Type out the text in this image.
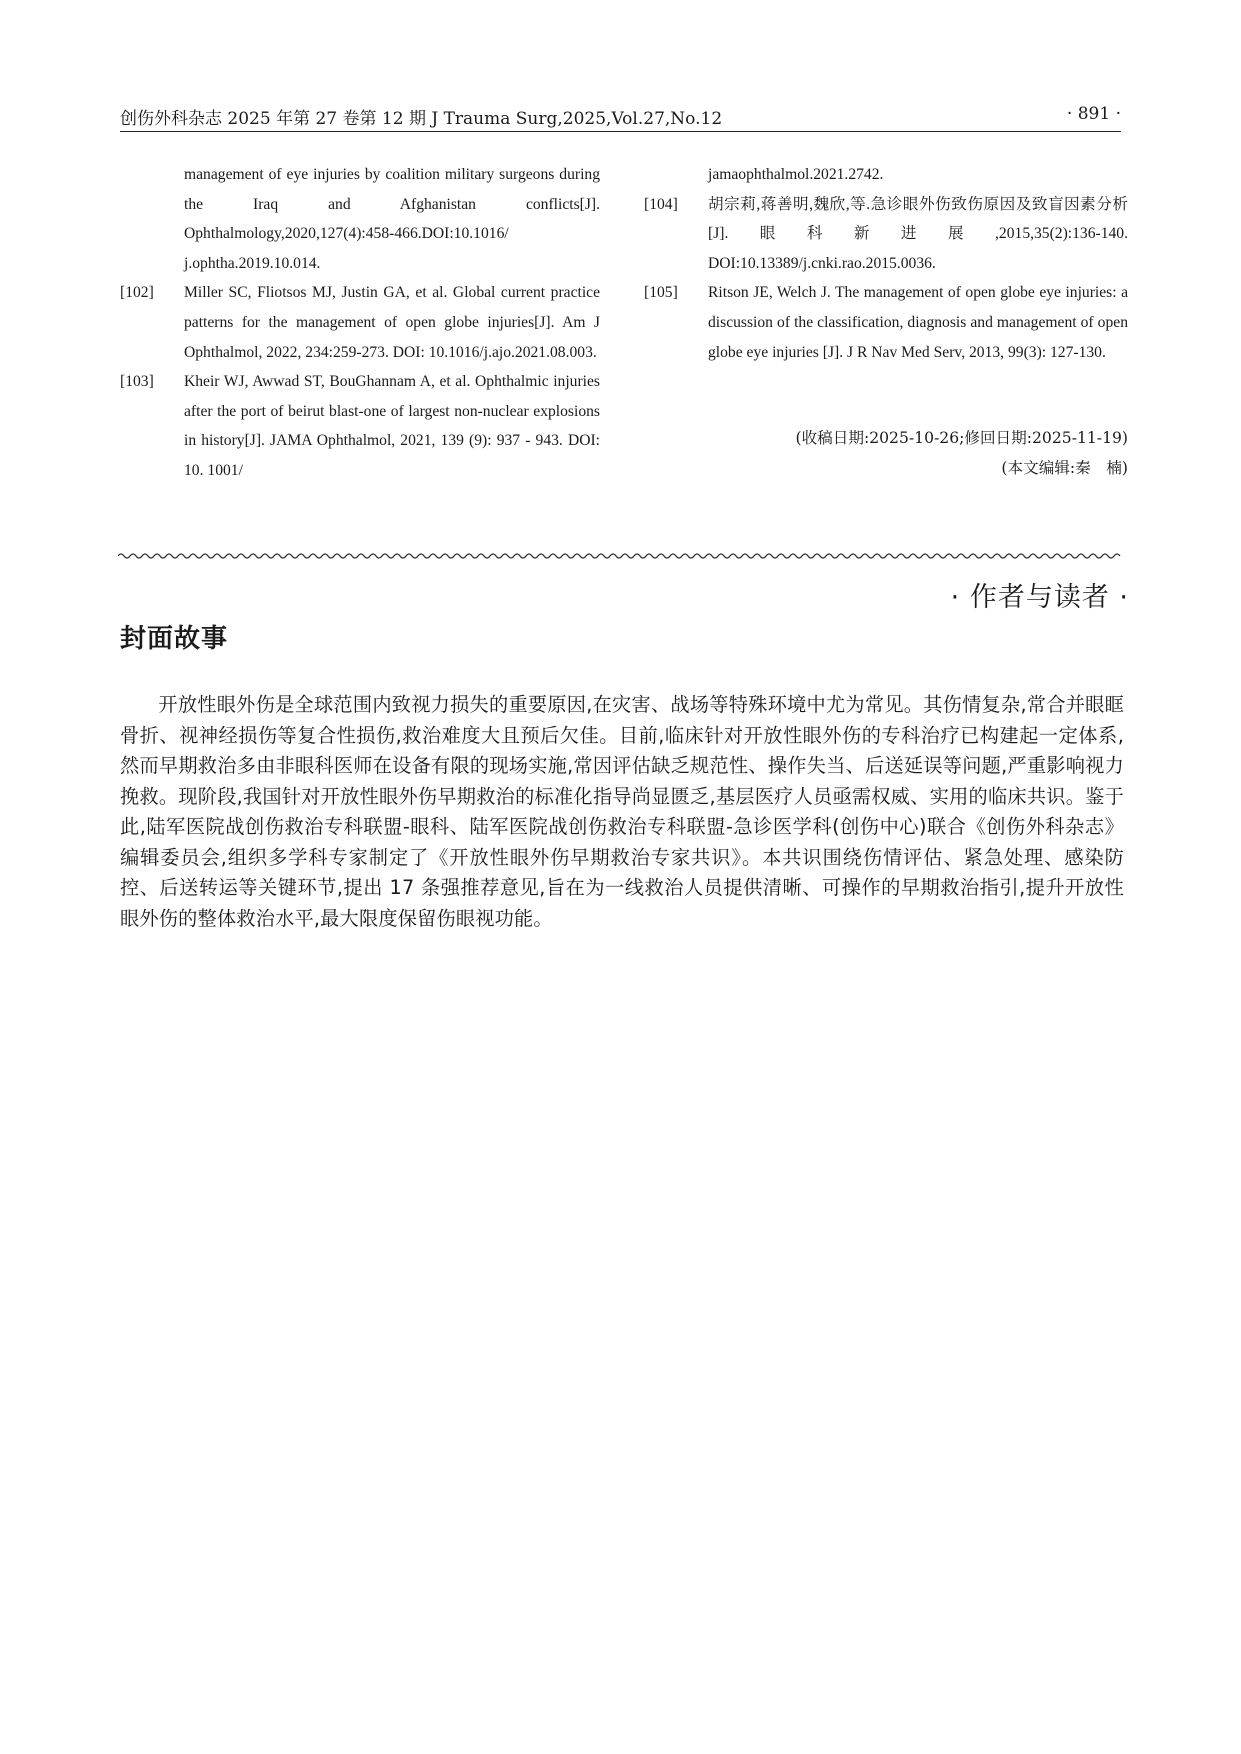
创伤外科杂志 2025 年第 27 卷第 12 期 J Trauma Surg,2025,Vol.27,No.12	· 891 ·
management of eye injuries by coalition military surgeons during the Iraq and Afghanistan conflicts[J]. Ophthalmology,2020,127(4):458-466.DOI:10.1016/ j.ophtha.2019.10.014.
[102] Miller SC, Fliotsos MJ, Justin GA, et al. Global current practice patterns for the management of open globe injuries[J]. Am J Ophthalmol, 2022, 234:259-273. DOI: 10.1016/j.ajo.2021.08.003.
[103] Kheir WJ, Awwad ST, BouGhannam A, et al. Ophthalmic injuries after the port of beirut blast-one of largest non-nuclear explosions in history[J]. JAMA Ophthalmol, 2021, 139 (9): 937 - 943. DOI: 10. 1001/
jamaophthalmol.2021.2742.
[104] 胡宗莉,蒋善明,魏欣,等.急诊眼外伤致伤原因及致盲因素分析[J].眼科新进展,2015,35(2):136-140. DOI:10.13389/j.cnki.rao.2015.0036.
[105] Ritson JE, Welch J. The management of open globe eye injuries: a discussion of the classification, diagnosis and management of open globe eye injuries [J]. J R Nav Med Serv, 2013, 99(3): 127-130.
(收稿日期:2025-10-26;修回日期:2025-11-19)
(本文编辑:秦　楠)
· 作者与读者 ·
封面故事
开放性眼外伤是全球范围内致视力损失的重要原因,在灾害、战场等特殊环境中尤为常见。其伤情复杂,常合并眼眶骨折、视神经损伤等复合性损伤,救治难度大且预后欠佳。目前,临床针对开放性眼外伤的专科治疗已构建起一定体系,然而早期救治多由非眼科医师在设备有限的现场实施,常因评估缺乏规范性、操作失当、后送延误等问题,严重影响视力挽救。现阶段,我国针对开放性眼外伤早期救治的标准化指导尚显匮乏,基层医疗人员亟需权威、实用的临床共识。鉴于此,陆军医院战创伤救治专科联盟-眼科、陆军医院战创伤救治专科联盟-急诊医学科(创伤中心)联合《创伤外科杂志》编辑委员会,组织多学科专家制定了《开放性眼外伤早期救治专家共识》。本共识围绕伤情评估、紧急处理、感染防控、后送转运等关键环节,提出 17 条强推荐意见,旨在为一线救治人员提供清晰、可操作的早期救治指引,提升开放性眼外伤的整体救治水平,最大限度保留伤眼视功能。
